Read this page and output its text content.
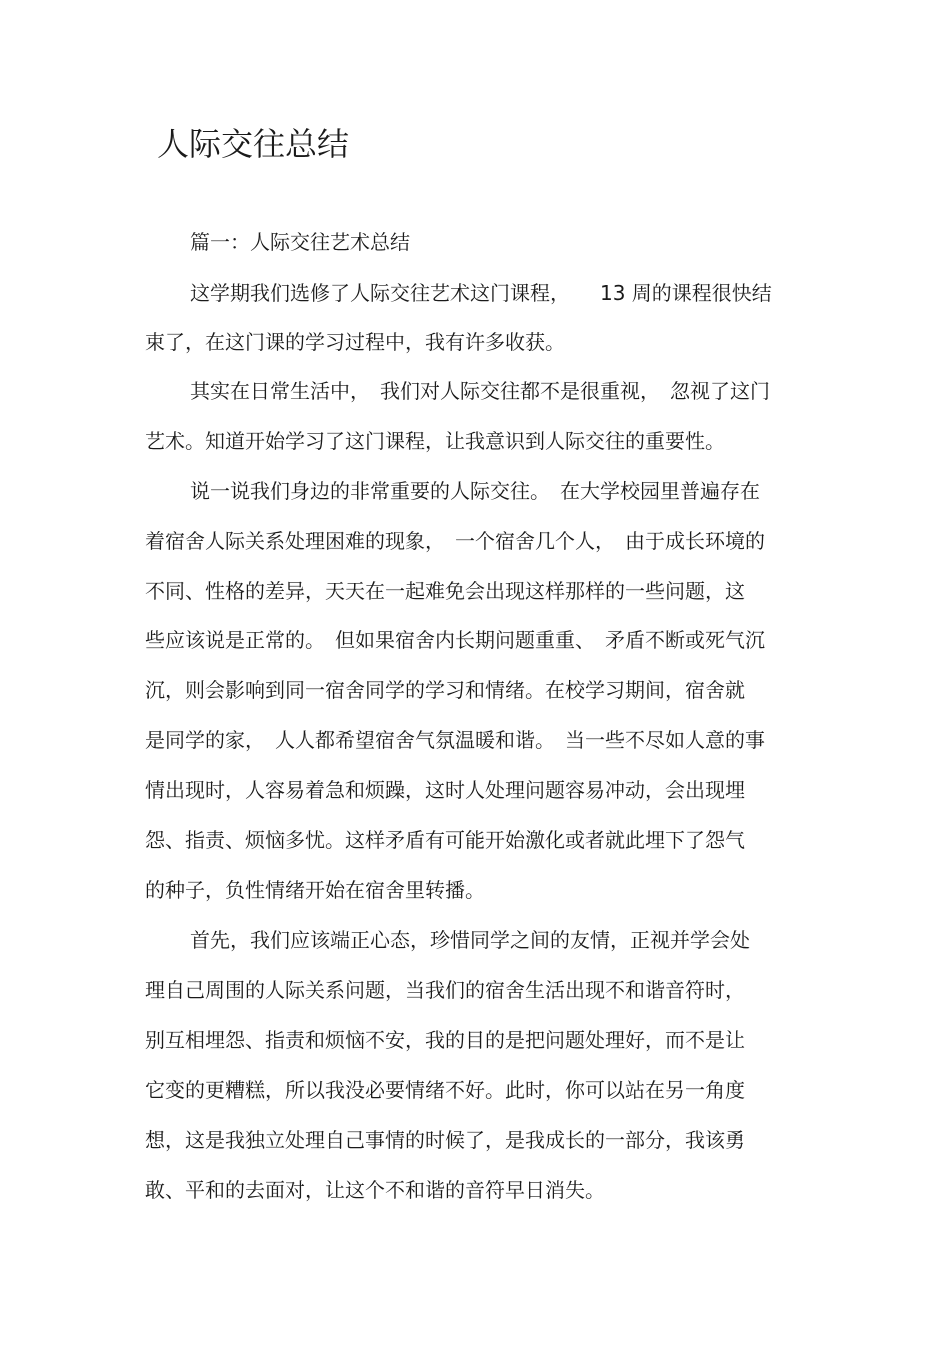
人际交往总结
篇一：人际交往艺术总结
这学期我们选修了人际交往艺术这门课程，　　13 周的课程很快结
束了，在这门课的学习过程中，我有许多收获。
其实在日常生活中，　我们对人际交往都不是很重视，　忽视了这门
艺术。知道开始学习了这门课程，让我意识到人际交往的重要性。
说一说我们身边的非常重要的人际交往。　在大学校园里普遍存在
着宿舍人际关系处理困难的现象，　一个宿舍几个人，　由于成长环境的
不同、性格的差异，天天在一起难免会出现这样那样的一些问题，这
些应该说是正常的。　但如果宿舍内长期问题重重、　矛盾不断或死气沉
沉，则会影响到同一宿舍同学的学习和情绪。在校学习期间，宿舍就
是同学的家，　人人都希望宿舍气氛温暖和谐。　当一些不尽如人意的事
情出现时，人容易着急和烦躁，这时人处理问题容易冲动，会出现埋
怨、指责、烦恼多忧。这样矛盾有可能开始激化或者就此埋下了怨气
的种子，负性情绪开始在宿舍里转播。
首先，我们应该端正心态，珍惜同学之间的友情，正视并学会处
理自己周围的人际关系问题，当我们的宿舍生活出现不和谐音符时，
别互相埋怨、指责和烦恼不安，我的目的是把问题处理好，而不是让
它变的更糟糕，所以我没必要情绪不好。此时，你可以站在另一角度
想，这是我独立处理自己事情的时候了，是我成长的一部分，我该勇
敢、平和的去面对，让这个不和谐的音符早日消失。
